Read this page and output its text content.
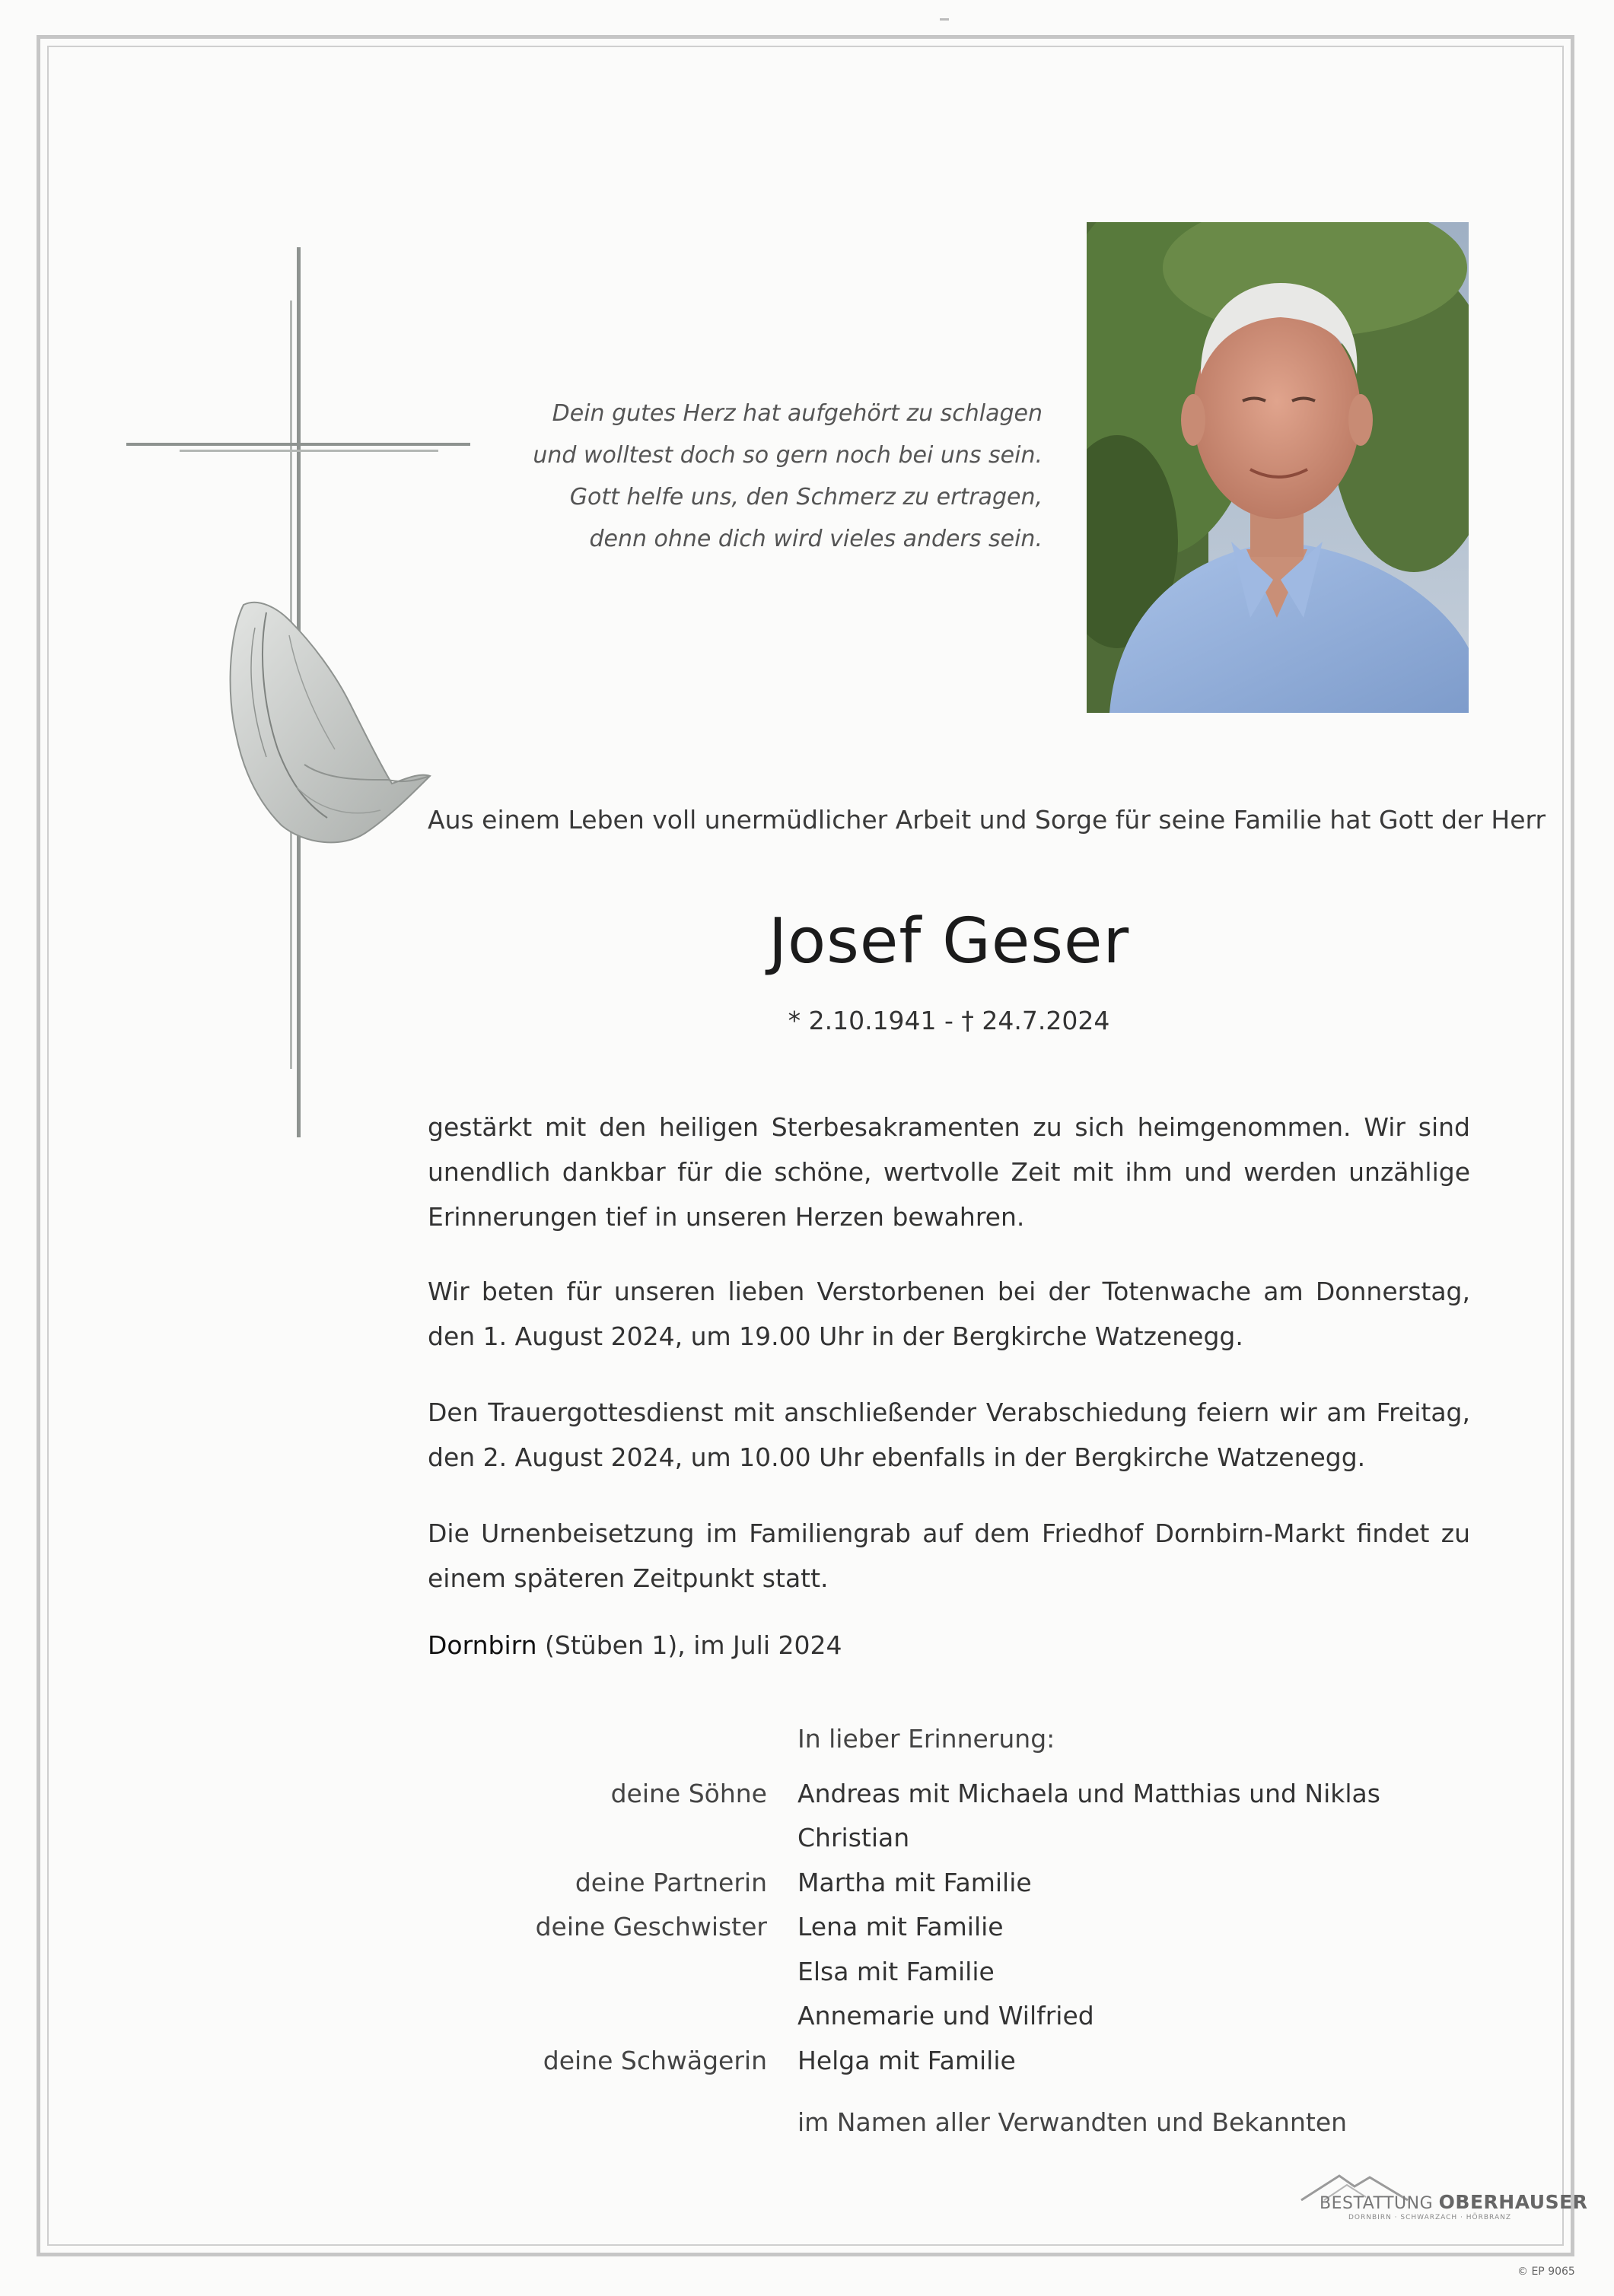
Dein gutes Herz hat aufgehört zu schlagen
und wolltest doch so gern noch bei uns sein.
Gott helfe uns, den Schmerz zu ertragen,
denn ohne dich wird vieles anders sein.
Aus einem Leben voll unermüdlicher Arbeit und Sorge für seine Familie hat Gott der Herr
Josef Geser
* 2.10.1941 - † 24.7.2024
gestärkt mit den heiligen Sterbesakramenten zu sich heimgenommen. Wir sind unendlich dankbar für die schöne, wertvolle Zeit mit ihm und werden unzählige Erinnerungen tief in unseren Herzen bewahren.
Wir beten für unseren lieben Verstorbenen bei der Totenwache am Donnerstag, den 1. August 2024, um 19.00 Uhr in der Bergkirche Watzenegg.
Den Trauergottesdienst mit anschließender Verabschiedung feiern wir am Freitag, den 2. August 2024, um 10.00 Uhr ebenfalls in der Bergkirche Watzenegg.
Die Urnenbeisetzung im Familiengrab auf dem Friedhof Dornbirn-Markt findet zu einem späteren Zeitpunkt statt.
Dornbirn (Stüben 1), im Juli 2024
In lieber Erinnerung:
deine Söhne Andreas mit Michaela und Matthias und Niklas
Christian
deine Partnerin Martha mit Familie
deine Geschwister Lena mit Familie
Elsa mit Familie
Annemarie und Wilfried
deine Schwägerin Helga mit Familie
im Namen aller Verwandten und Bekannten
BESTATTUNG OBERHAUSER
DORNBIRN · SCHWARZACH · HÖRBRANZ
© EP 9065
